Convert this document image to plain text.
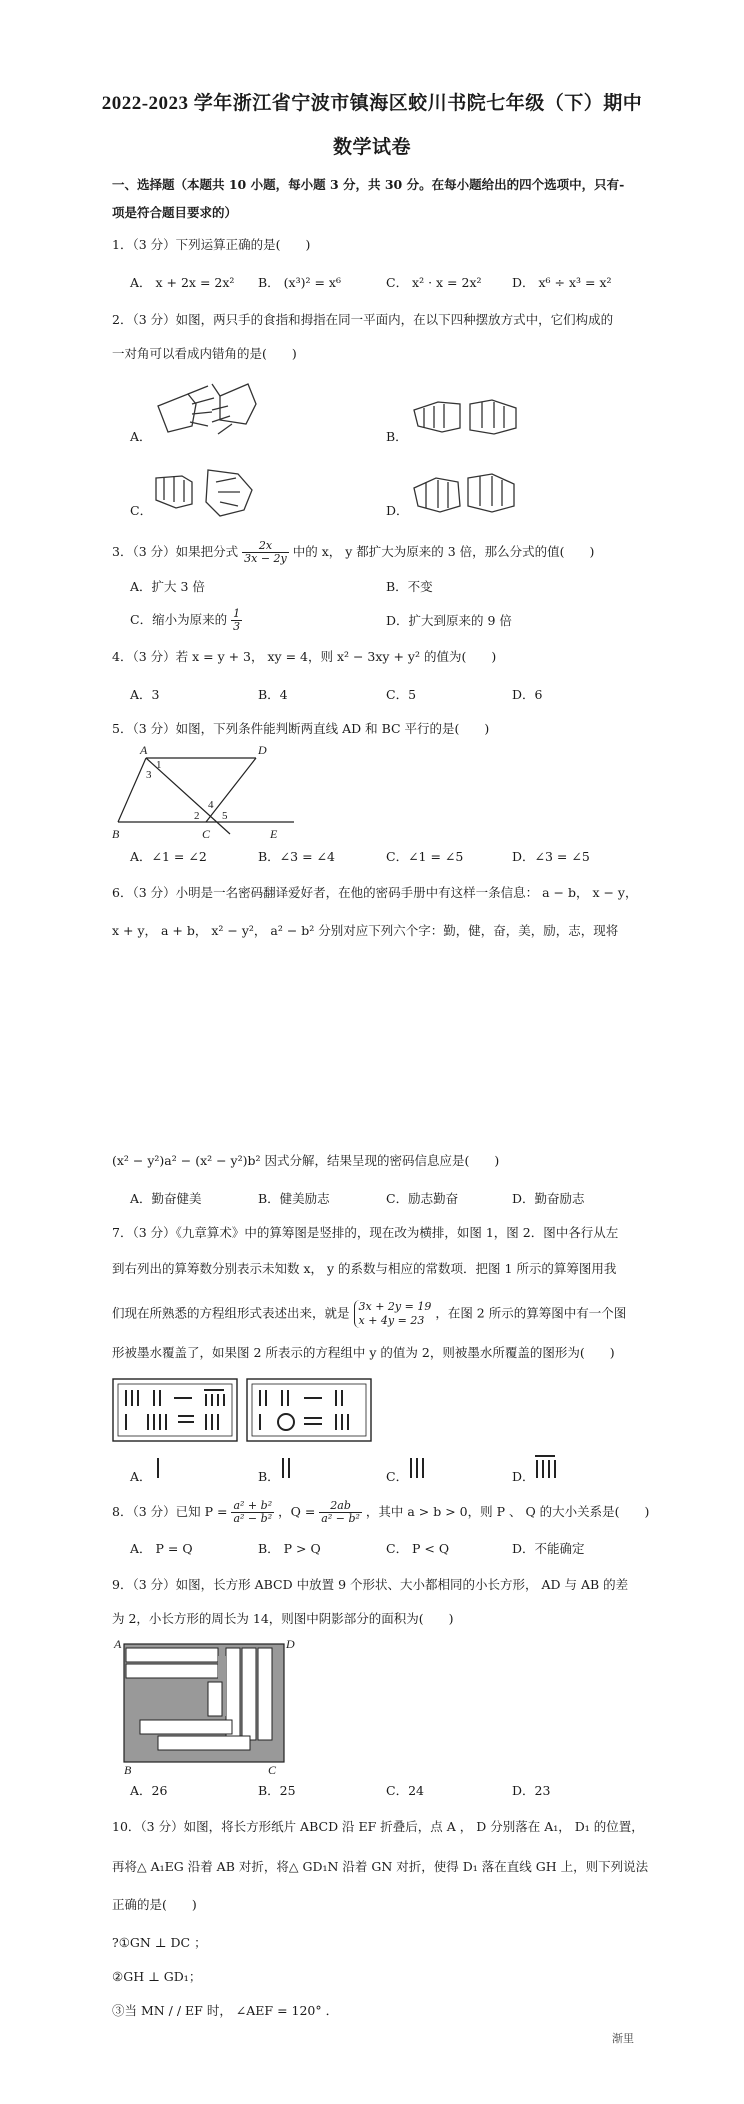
2022-2023 学年浙江省宁波市镇海区蛟川书院七年级（下）期中
数学试卷
一、选择题（本题共 10 小题，每小题 3 分，共 30 分。在每小题给出的四个选项中，只有-
项是符合题目要求的）
1．（3 分）下列运算正确的是(　　)
A． x + 2x = 2x² B． (x³)² = x⁶	C． x² · x = 2x² D． x⁶ ÷ x³ = x²
2．（3 分）如图，两只手的食指和拇指在同一平面内，在以下四种摆放方式中，它们构成的
一对角可以看成内错角的是(　　)
A．	B．
C．	D．
3．（3 分）如果把分式 $\frac{2x}{3x - 2y}$ 中的 x， y 都扩大为原来的 3 倍，那么分式的值(　　)
A．扩大 3 倍	B．不变
C．缩小为原来的 $\frac{1}{3}$	D．扩大到原来的 9 倍
4．（3 分）若 x = y + 3， xy = 4，则 x² − 3xy + y² 的值为(　　)
A．3	B．4	C．5	D．6
5．（3 分）如图，下列条件能判断两直线 AD 和 BC 平行的是(　　)
A	D
B	C	E
1
2
3
4
5
A．∠1 = ∠2	B．∠3 = ∠4	C．∠1 = ∠5	D．∠3 = ∠5
6．（3 分）小明是一名密码翻译爱好者，在他的密码手册中有这样一条信息： a − b， x − y，
x + y， a + b， x² − y²， a² − b² 分别对应下列六个字：勤，健，奋，美，励，志，现将
(x² − y²)a² − (x² − y²)b² 因式分解，结果呈现的密码信息应是(　　)
A．勤奋健美	B．健美励志	C．励志勤奋	D．勤奋励志
7．（3 分）《九章算术》中的算筹图是竖排的，现在改为横排，如图 1，图 2．图中各行从左
到右列出的算筹数分别表示未知数 x， y 的系数与相应的常数项．把图 1 所示的算筹图用我
们现在所熟悉的方程组形式表述出来，就是 3x + 2y = 19
x + 4y = 23 ，在图 2 所示的算筹图中有一个图
形被墨水覆盖了，如果图 2 所表示的方程组中 y 的值为 2，则被墨水所覆盖的图形为(　　)
A．	B．	C．	D．
8．（3 分）已知 $P = \frac{\text{a² + b²}}{\text{a² − b²}}$ ，$Q = \frac{2ab}{\text{a² − b²}}$ ，其中 a > b > 0，则 P 、 Q 的大小关系是(　　)
A． P = Q	B． P > Q	C． P < Q	D．不能确定
9．（3 分）如图，长方形 ABCD 中放置 9 个形状、大小都相同的小长方形， AD 与 AB 的差
为 2，小长方形的周长为 14，则图中阴影部分的面积为(　　)
A	D
B	C
A．26	B．25	C．24	D．23
10．（3 分）如图，将长方形纸片 ABCD 沿 EF 折叠后，点 A ， D 分别落在 A₁， D₁ 的位置，
再将△ A₁EG 沿着 AB 对折，将△ GD₁N 沿着 GN 对折，使得 D₁ 落在直线 GH 上，则下列说法
正确的是(　　)
?①GN ⊥ DC ；
②GH ⊥ GD₁；
③当 MN / / EF 时， ∠AEF = 120° ．
渐里
